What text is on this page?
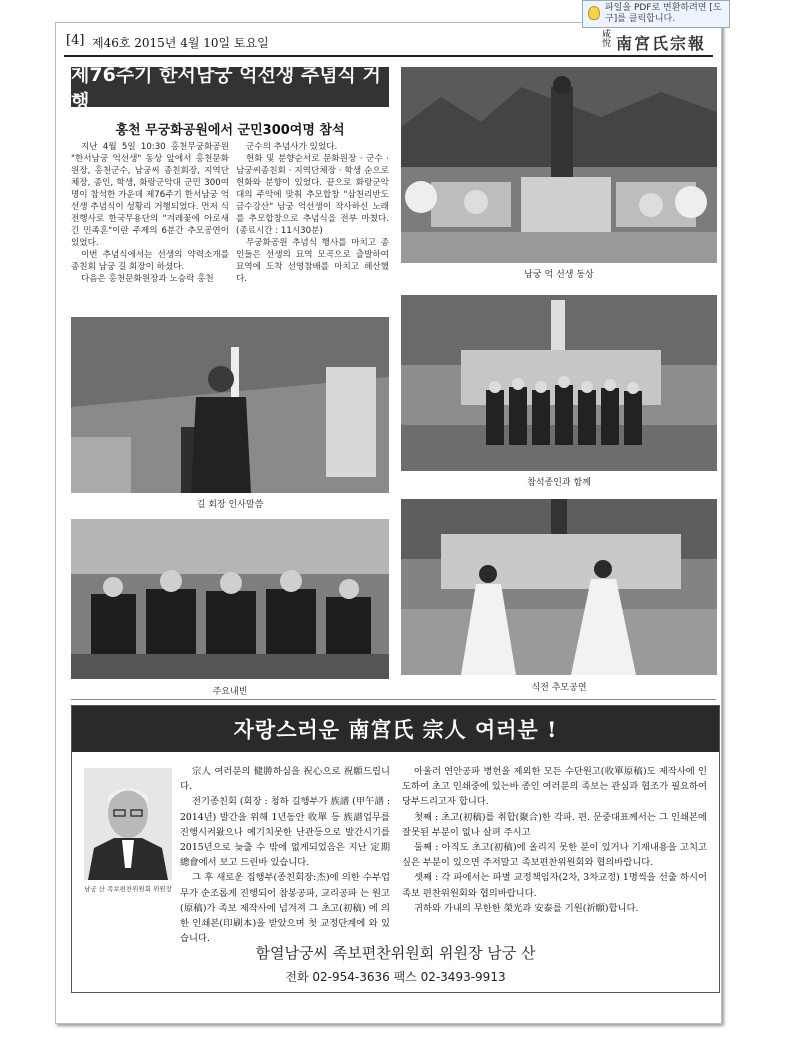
[4] 제46호 2015년 4월 10일 토요일	咸悅 南宮氏宗報
제76주기 한서남궁 억선생 추념식 거행
홍천 무궁화공원에서 군민300여명 참석

지난 4월 5일 10:30 홍천무궁화공원 "한서남궁 억선생" 동상 앞에서 홍천문화원장, 홍천군수, 남궁씨 종친회장, 지역단체장, 종인, 학생, 화랑군악대 군민 300여 명이 참석한 가운데 제76주기 한서남궁 억선생 추념식이 성황리 거행되었다. 먼저 식전행사로 한국무용단의 "겨레꽃에 아로새긴 민족혼"이란 주제의 6분간 추모공연이 있었다.

이번 추념식에서는 선생의 약력소개를 종친회 남궁 길 회장이 하셨다.

다음은 홍천문화원장과 노승락 홍천

군수의 추념사가 있었다.

헌화 및 분향순서로 문화원장 · 군수 · 남궁씨종친회 · 지역단체장 · 학생 순으로 헌화와 분향이 있었다. 끝으로 화랑군악대의 주악에 맞춰 추모합창 "삼천리반도 금수강산" 남궁 억선생이 작사하신 노래를 추모합창으로 추념식을 전부 마쳤다.(종료시간 : 11시30분)

무궁화공원 추념식 행사를 마치고 종인들은 선생의 묘역 모곡으로 출발하여 묘역에 도착 선영참배를 마치고 해산했다.	남궁 억 선생 동상
길 회장 인사말씀
참석종인과 함께
주요내빈	식전 추모공연
자랑스러운 南宮氏 宗人 여러분 !
남궁 산 족보편찬위원회 위원장

宗人 여러분의 健勝하심을 祝心으로 祝願드립니다.

전기종친회 (회장 : 청하 길행부가 族譜 (甲午譜 : 2014년) 발간을 위해 1년동안 收單 등 族譜업무를 진행시켜왔으나 예기치못한 난관등으로 발간시기를 2015년으로 늦출 수 밖에 없게되었음은 지난 定期總會에서 보고 드린바 있습니다.

그 후 새로운 집행부(종친회장:杰)에 의한 수부업무가 순조롭게 진행되어 참봉공파, 교리공파 는 원고(原稿)가 족보 제작사에 넘겨져 그 초고(初稿) 에 의한 인쇄본(印刷本)을 받았으며 첫 교정단계에 와 있습니다.

아울러 연안공파 병헌을 제외한 모든 수단원고(收單原稿)도 제작사에 인도하여 초고 인쇄중에 있는바 종인 여러분의 족보는 관심과 협조가 필요하여 당부드리고자 합니다.

첫째 : 초고(初稿)를 취합(聚合)한 각파. 편. 문중대표께서는 그 인쇄본에 잘못된 부분이 없나 살펴 주시고

둘째 : 아직도 초고(初稿)에 올리지 못한 분이 있거나 기재내용을 고치고 싶은 부분이 있으면 주저말고 족보편찬위원회와 협의바랍니다.

셋째 : 각 파에서는 파별 교정책임자(2차, 3차교정) 1명씩을 선출 하시어 족보 편찬위원회와 협의바랍니다.

귀하와 가내의 무한한 榮光과 安泰를 기원(祈願)합니다.

함열남궁씨 족보편찬위원회 위원장 남궁 산
전화 02-954-3636 팩스 02-3493-9913
파일을 PDF로 변환하려면 [도구]를 클릭합니다.
